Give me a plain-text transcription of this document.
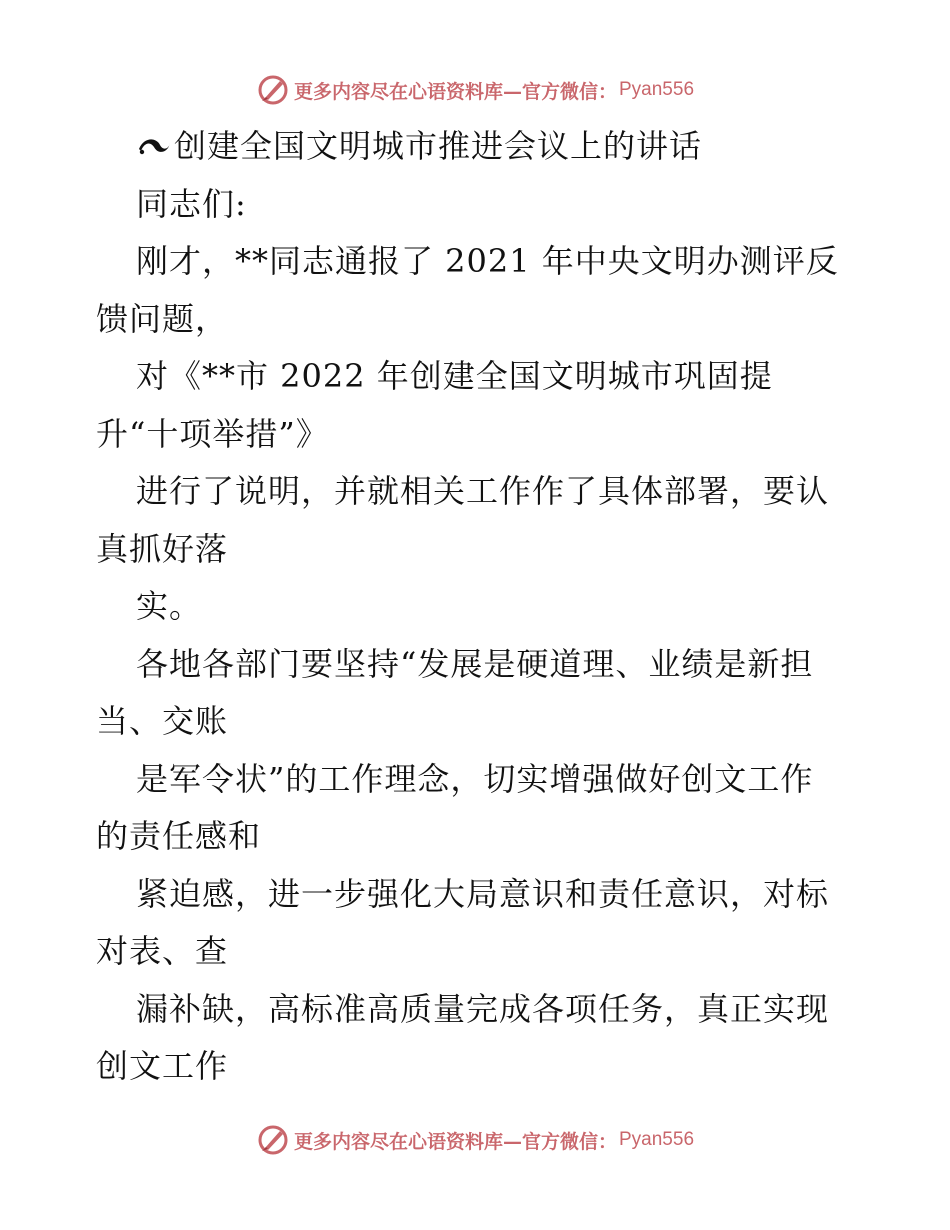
更多内容尽在心语资料库—官方微信： Pyan556
创建全国文明城市推进会议上的讲话
同志们:
刚才，**同志通报了 2021 年中央文明办测评反
馈问题，
对《**市 2022 年创建全国文明城市巩固提
升“十项举措”》
进行了说明，并就相关工作作了具体部署，要认
真抓好落
实。
各地各部门要坚持“发展是硬道理、业绩是新担
当、交账
是军令状”的工作理念，切实增强做好创文工作
的责任感和
紧迫感，进一步强化大局意识和责任意识，对标
对表、查
漏补缺，高标准高质量完成各项任务，真正实现
创文工作
更多内容尽在心语资料库—官方微信： Pyan556
